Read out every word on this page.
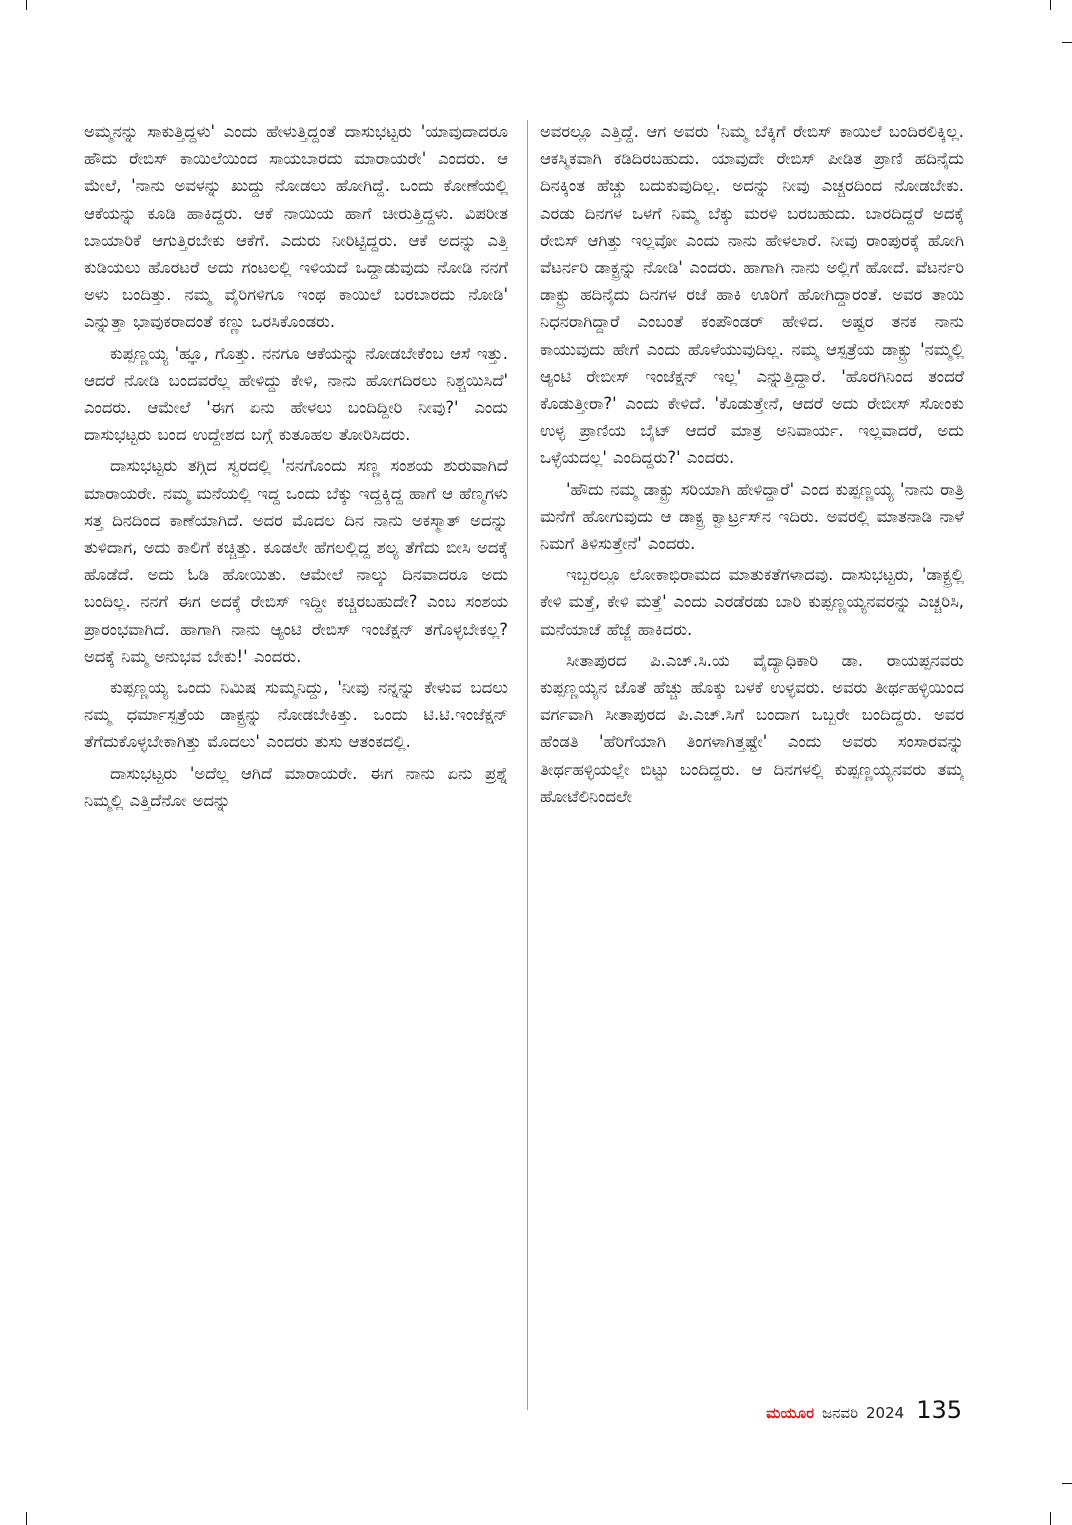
ಅಮ್ಮನನ್ನು ಸಾಕುತ್ತಿದ್ದಳು' ಎಂದು ಹೇಳುತ್ತಿದ್ದಂತೆ ದಾಸುಭಟ್ಟರು 'ಯಾವುದಾದರೂ ಹೌದು ರೇಬಿಸ್ ಕಾಯಿಲೆಯಿಂದ ಸಾಯಬಾರದು ಮಾರಾಯರೇ' ಎಂದರು. ಆ ಮೇಲೆ, 'ನಾನು ಅವಳನ್ನು ಖುದ್ದು ನೋಡಲು ಹೋಗಿದ್ದೆ. ಒಂದು ಕೋಣೆಯಲ್ಲಿ ಆಕೆಯನ್ನು ಕೂಡಿ ಹಾಕಿದ್ದರು. ಆಕೆ ನಾಯಿಯ ಹಾಗೆ ಚೀರುತ್ತಿದ್ದಳು. ವಿಪರೀತ ಬಾಯಾರಿಕೆ ಆಗುತ್ತಿರಬೇಕು ಆಕೆಗೆ. ಎದುರು ನೀರಿಟ್ಟಿದ್ದರು. ಆಕೆ ಅದನ್ನು ಎತ್ತಿ ಕುಡಿಯಲು ಹೊರಟರೆ ಅದು ಗಂಟಲಲ್ಲಿ ಇಳಿಯದೆ ಒದ್ದಾಡುವುದು ನೋಡಿ ನನಗೆ ಅಳು ಬಂದಿತ್ತು. ನಮ್ಮ ವೈರಿಗಳಿಗೂ ಇಂಥ ಕಾಯಿಲೆ ಬರಬಾರದು ನೋಡಿ' ಎನ್ನುತ್ತಾ ಭಾವುಕರಾದಂತೆ ಕಣ್ಣು ಒರಸಿಕೊಂಡರು.

ಕುಪ್ಪಣ್ಣಯ್ಯ 'ಹ್ಞೂ, ಗೊತ್ತು. ನನಗೂ ಆಕೆಯನ್ನು ನೋಡಬೇಕೆಂಬ ಆಸೆ ಇತ್ತು. ಆದರೆ ನೋಡಿ ಬಂದವರೆಲ್ಲ ಹೇಳಿದ್ದು ಕೇಳಿ, ನಾನು ಹೋಗದಿರಲು ನಿಶ್ಚಯಿಸಿದೆ' ಎಂದರು. ಆಮೇಲೆ 'ಈಗ ಏನು ಹೇಳಲು ಬಂದಿದ್ದೀರಿ ನೀವು?' ಎಂದು ದಾಸುಭಟ್ಟರು ಬಂದ ಉದ್ದೇಶದ ಬಗ್ಗೆ ಕುತೂಹಲ ತೋರಿಸಿದರು.

ದಾಸುಭಟ್ಟರು ತಗ್ಗಿದ ಸ್ವರದಲ್ಲಿ 'ನನಗೊಂದು ಸಣ್ಣ ಸಂಶಯ ಶುರುವಾಗಿದೆ ಮಾರಾಯರೇ. ನಮ್ಮ ಮನೆಯಲ್ಲಿ ಇದ್ದ ಒಂದು ಬೆಕ್ಕು ಇದ್ದಕ್ಕಿದ್ದ ಹಾಗೆ ಆ ಹೆಣ್ಮಗಳು ಸತ್ತ ದಿನದಿಂದ ಕಾಣೆಯಾಗಿದೆ. ಅದರ ಮೊದಲ ದಿನ ನಾನು ಅಕಸ್ಮಾತ್ ಅದನ್ನು ತುಳಿದಾಗ, ಅದು ಕಾಲಿಗೆ ಕಚ್ಚಿತ್ತು. ಕೂಡಲೇ ಹೆಗಲಲ್ಲಿದ್ದ ಶಲ್ಯ ತೆಗೆದು ಬೀಸಿ ಅದಕ್ಕೆ ಹೊಡೆದೆ. ಅದು ಓಡಿ ಹೋಯಿತು. ಆಮೇಲೆ ನಾಲ್ಕು ದಿನವಾದರೂ ಅದು ಬಂದಿಲ್ಲ. ನನಗೆ ಈಗ ಅದಕ್ಕೆ ರೇಬಿಸ್ ಇದ್ದೀ ಕಚ್ಚಿರಬಹುದೇ? ಎಂಬ ಸಂಶಯ ಪ್ರಾರಂಭವಾಗಿದೆ. ಹಾಗಾಗಿ ನಾನು ಆ್ಯಂಟಿ ರೇಬಿಸ್ ಇಂಜೆಕ್ಷನ್ ತಗೊಳ್ಳಬೇಕಲ್ಲ? ಅದಕ್ಕೆ ನಿಮ್ಮ ಅನುಭವ ಬೇಕು!' ಎಂದರು.

ಕುಪ್ಪಣ್ಣಯ್ಯ ಒಂದು ನಿಮಿಷ ಸುಮ್ಮನಿದ್ದು, 'ನೀವು ನನ್ನನ್ನು ಕೇಳುವ ಬದಲು ನಮ್ಮ ಧರ್ಮಾಸ್ಪತ್ರೆಯ ಡಾಕ್ಟ್ರನ್ನು ನೋಡಬೇಕಿತ್ತು. ಒಂದು ಟಿ.ಟಿ.ಇಂಜೆಕ್ಷನ್ ತೆಗೆದುಕೊಳ್ಳಬೇಕಾಗಿತ್ತು ಮೊದಲು' ಎಂದರು ತುಸು ಆತಂಕದಲ್ಲಿ.

ದಾಸುಭಟ್ಟರು 'ಅದೆಲ್ಲ ಆಗಿದೆ ಮಾರಾಯರೇ. ಈಗ ನಾನು ಏನು ಪ್ರಶ್ನೆ ನಿಮ್ಮಲ್ಲಿ ಎತ್ತಿದೆನೋ ಅದನ್ನು

ಅವರಲ್ಲೂ ಎತ್ತಿದ್ದೆ. ಆಗ ಅವರು 'ನಿಮ್ಮ ಬೆಕ್ಕಿಗೆ ರೇಬಿಸ್ ಕಾಯಿಲೆ ಬಂದಿರಲಿಕ್ಕಿಲ್ಲ. ಆಕಸ್ಮಿಕವಾಗಿ ಕಡಿದಿರಬಹುದು. ಯಾವುದೇ ರೇಬಿಸ್ ಪೀಡಿತ ಪ್ರಾಣಿ ಹದಿನೈದು ದಿನಕ್ಕಿಂತ ಹೆಚ್ಚು ಬದುಕುವುದಿಲ್ಲ. ಅದನ್ನು ನೀವು ಎಚ್ಚರದಿಂದ ನೋಡಬೇಕು. ಎರಡು ದಿನಗಳ ಒಳಗೆ ನಿಮ್ಮ ಬೆಕ್ಕು ಮರಳಿ ಬರಬಹುದು. ಬಾರದಿದ್ದರೆ ಅದಕ್ಕೆ ರೇಬಿಸ್ ಆಗಿತ್ತು ಇಲ್ಲವೋ ಎಂದು ನಾನು ಹೇಳಲಾರೆ. ನೀವು ರಾಂಪುರಕ್ಕೆ ಹೋಗಿ ವೆಟರ್ನರಿ ಡಾಕ್ಟ್ರನ್ನು ನೋಡಿ' ಎಂದರು. ಹಾಗಾಗಿ ನಾನು ಅಲ್ಲಿಗೆ ಹೋದೆ. ವೆಟರ್ನರಿ ಡಾಕ್ಟ್ರು ಹದಿನೈದು ದಿನಗಳ ರಜೆ ಹಾಕಿ ಊರಿಗೆ ಹೋಗಿದ್ದಾರಂತೆ. ಅವರ ತಾಯಿ ನಿಧನರಾಗಿದ್ದಾರೆ ಎಂಬಂತೆ ಕಂಪೌಂಡರ್ ಹೇಳಿದ. ಅಷ್ಟರ ತನಕ ನಾನು ಕಾಯುವುದು ಹೇಗೆ ಎಂದು ಹೊಳೆಯುವುದಿಲ್ಲ. ನಮ್ಮ ಆಸ್ಪತ್ರೆಯ ಡಾಕ್ಟ್ರು 'ನಮ್ಮಲ್ಲಿ ಆ್ಯಂಟಿ ರೇಬೀಸ್ ಇಂಜೆಕ್ಷನ್ ಇಲ್ಲ' ಎನ್ನುತ್ತಿದ್ದಾರೆ. 'ಹೊರಗಿನಿಂದ ತಂದರೆ ಕೊಡುತ್ತೀರಾ?' ಎಂದು ಕೇಳಿದೆ. 'ಕೊಡುತ್ತೇನೆ, ಆದರೆ ಅದು ರೇಬೀಸ್ ಸೋಂಕು ಉಳ್ಳ ಪ್ರಾಣಿಯ ಬೈಟ್ ಆದರೆ ಮಾತ್ರ ಅನಿವಾರ್ಯ. ಇಲ್ಲವಾದರೆ, ಅದು ಒಳ್ಳೆಯದಲ್ಲ' ಎಂದಿದ್ದರು?' ಎಂದರು.

'ಹೌದು ನಮ್ಮ ಡಾಕ್ಟ್ರು ಸರಿಯಾಗಿ ಹೇಳಿದ್ದಾರೆ' ಎಂದ ಕುಪ್ಪಣ್ಣಯ್ಯ 'ನಾನು ರಾತ್ರಿ ಮನೆಗೆ ಹೋಗುವುದು ಆ ಡಾಕ್ಟ್ರ ಕ್ವಾರ್ಟ್ರಸ್‌ನ ಇದಿರು. ಅವರಲ್ಲಿ ಮಾತನಾಡಿ ನಾಳೆ ನಿಮಗೆ ತಿಳಿಸುತ್ತೇನೆ' ಎಂದರು.

ಇಬ್ಬರಲ್ಲೂ ಲೋಕಾಭಿರಾಮದ ಮಾತುಕತೆಗಳಾದವು. ದಾಸುಭಟ್ಟರು, 'ಡಾಕ್ಟ್ರಲ್ಲಿ ಕೇಳಿ ಮತ್ತೆ, ಕೇಳಿ ಮತ್ತೆ' ಎಂದು ಎರಡೆರಡು ಬಾರಿ ಕುಪ್ಪಣ್ಣಯ್ಯನವರನ್ನು ಎಚ್ಚರಿಸಿ, ಮನೆಯಾಚೆ ಹೆಜ್ಜೆ ಹಾಕಿದರು.

ಸೀತಾಪುರದ ಪಿ.ಎಚ್.ಸಿ.ಯ ವೈದ್ಯಾಧಿಕಾರಿ ಡಾ. ರಾಯಪ್ಪನವರು ಕುಪ್ಪಣ್ಣಯ್ಯನ ಜೊತೆ ಹೆಚ್ಚು ಹೊಕ್ಕು ಬಳಕೆ ಉಳ್ಳವರು. ಅವರು ತೀರ್ಥಹಳ್ಳಿಯಿಂದ ವರ್ಗವಾಗಿ ಸೀತಾಪುರದ ಪಿ.ಎಚ್.ಸಿಗೆ ಬಂದಾಗ ಒಬ್ಬರೇ ಬಂದಿದ್ದರು. ಅವರ ಹೆಂಡತಿ 'ಹೆರಿಗೆಯಾಗಿ ತಿಂಗಳಾಗಿತ್ತಷ್ಟೇ' ಎಂದು ಅವರು ಸಂಸಾರವನ್ನು ತೀರ್ಥಹಳ್ಳಿಯಲ್ಲೇ ಬಿಟ್ಟು ಬಂದಿದ್ದರು. ಆ ದಿನಗಳಲ್ಲಿ ಕುಪ್ಪಣ್ಣಯ್ಯನವರು ತಮ್ಮ ಹೋಟೆಲಿನಿಂದಲೇ

ಮಯೂರ ಜನವರಿ 2024 135
